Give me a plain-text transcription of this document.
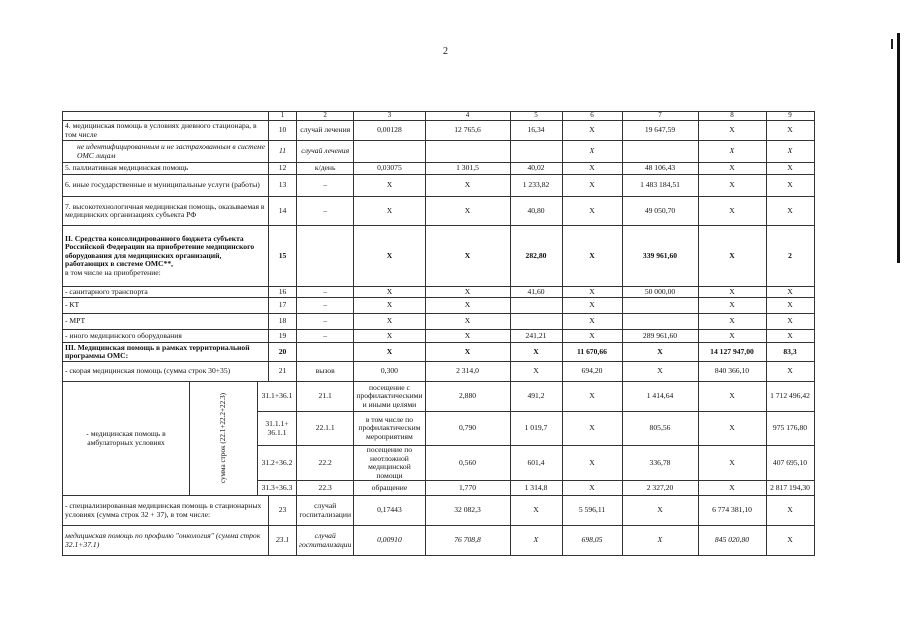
2
			1	2	3	4	5	6	7	8	9
4. медицинская помощь в условиях дневного стационара, в том числе			10	случай лечения	0,00128	12 765,6	16,34	X	19 647,59	X	X
не идентифицированным и не застрахованным в системе ОМС лицам			11	случай лечения				X		X	X
5. паллиативная медицинская помощь			12	к/день	0,03075	1 301,5	40,02	X	48 106,43	X	X
6. иные государственные и муниципальные услуги (работы)			13	–	X	X	1 233,82	X	1 483 184,51	X	X
7. высокотехнологичная медицинская помощь, оказываемая в медицинских организациях субъекта РФ			14	–	X	X	40,80	X	49 050,70	X	X
II. Средства консолидированного бюджета субъекта Российской Федерации на приобретение медицинского оборудования для медицинских организаций, работающих в системе ОМС**,
в том числе на приобретение:			15		X	X	282,80	X	339 961,60	X	2
- санитарного транспорта			16	–	X	X	41,60	X	50 000,00	X	X
- КТ			17	–	X	X		X		X	X
- МРТ			18	–	X	X		X		X	X
- иного медицинского оборудования			19	–	X	X	241,21	X	289 961,60	X	X
III. Медицинская помощь в рамках территориальной программы ОМС:			20		X	X	X	11 670,66	X	14 127 947,00	83,3
- скорая медицинская помощь (сумма строк 30+35)			21	вызов	0,300	2 314,0	X	694,20	X	840 366,10	X
- медицинская помощь в амбулаторных условиях	сумма строк (22.1+22.2+22.3)	31.1+36.1		21.1	посещение с профилактическими и иными целями	2,880	491,2	X	1 414,64	X	1 712 496,42
		31.1.1+ 36.1.1		22.1.1	в том числе по профилактическим мероприятиям	0,790	1 019,7	X	805,56	X	975 176,80
		31.2+36.2		22.2	посещение по неотложной медицинской помощи	0,560	601,4	X	336,78	X	407 695,10
		31.3+36.3		22.3	обращение	1,770	1 314,8	X	2 327,20	X	2 817 194,30
- специализированная медицинская помощь в стационарных условиях (сумма строк 32 + 37), в том числе:			23	случай госпитализации	0,17443	32 082,3	X	5 596,11	X	6 774 381,10	X
медицинская помощь по профилю "онкология" (сумма строк 32.1+37.1)			23.1	случай госпитализации	0,00910	76 708,8	X	698,05	X	845 020,80	X
